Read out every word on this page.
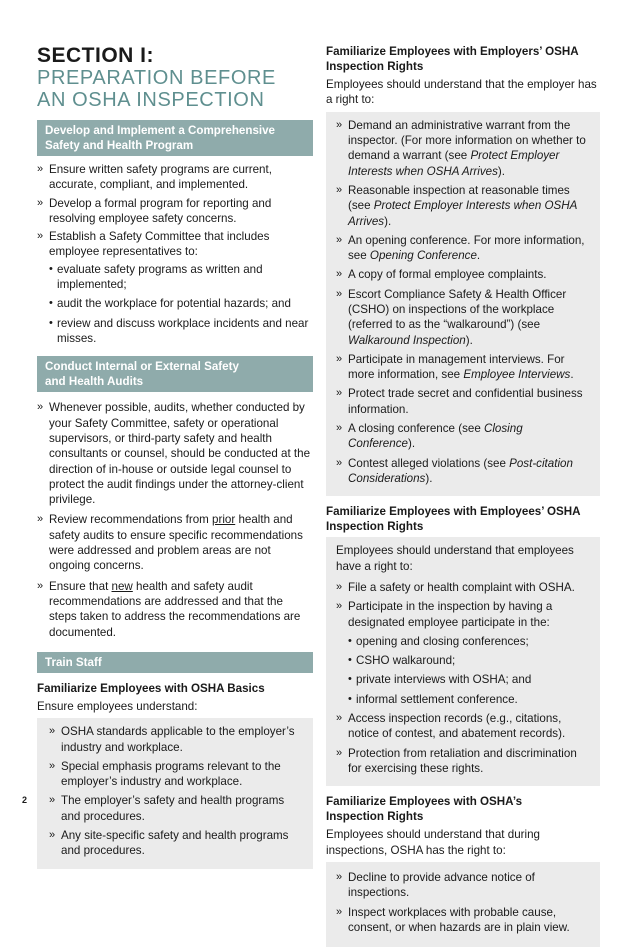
SECTION I:
PREPARATION BEFORE
AN OSHA INSPECTION
Develop and Implement a Comprehensive
Safety and Health Program
» Ensure written safety programs are current, accurate, compliant, and implemented.
» Develop a formal program for reporting and resolving employee safety concerns.
» Establish a Safety Committee that includes employee representatives to:
• evaluate safety programs as written and implemented;
• audit the workplace for potential hazards; and
• review and discuss workplace incidents and near misses.
Conduct Internal or External Safety
and Health Audits
» Whenever possible, audits, whether conducted by your Safety Committee, safety or operational supervisors, or third-party safety and health consultants or counsel, should be conducted at the direction of in-house or outside legal counsel to protect the audit findings under the attorney-client privilege.
» Review recommendations from prior health and safety audits to ensure specific recommendations were addressed and problem areas are not ongoing concerns.
» Ensure that new health and safety audit recommendations are addressed and that the steps taken to address the recommendations are documented.
Train Staff
Familiarize Employees with OSHA Basics
Ensure employees understand:
» OSHA standards applicable to the employer’s industry and workplace.
» Special emphasis programs relevant to the employer’s industry and workplace.
» The employer’s safety and health programs and procedures.
» Any site-specific safety and health programs and procedures.
Familiarize Employees with Employers’ OSHA
Inspection Rights
Employees should understand that the employer has a right to:
» Demand an administrative warrant from the inspector. (For more information on whether to demand a warrant (see Protect Employer Interests when OSHA Arrives).
» Reasonable inspection at reasonable times (see Protect Employer Interests when OSHA Arrives).
» An opening conference. For more information, see Opening Conference.
» A copy of formal employee complaints.
» Escort Compliance Safety & Health Officer (CSHO) on inspections of the workplace (referred to as the “walkaround”) (see Walkaround Inspection).
» Participate in management interviews. For more information, see Employee Interviews.
» Protect trade secret and confidential business information.
» A closing conference (see Closing Conference).
» Contest alleged violations (see Post-citation Considerations).
Familiarize Employees with Employees’ OSHA
Inspection Rights

Employees should understand that employees have a right to:

» File a safety or health complaint with OSHA.
» Participate in the inspection by having a designated employee participate in the:
• opening and closing conferences;
• CSHO walkaround;
• private interviews with OSHA; and
• informal settlement conference.
» Access inspection records (e.g., citations, notice of contest, and abatement records).
» Protection from retaliation and discrimination for exercising these rights.
Familiarize Employees with OSHA’s
Inspection Rights
Employees should understand that during inspections, OSHA has the right to:
» Decline to provide advance notice of inspections.
» Inspect workplaces with probable cause, consent, or when hazards are in plain view.
2
